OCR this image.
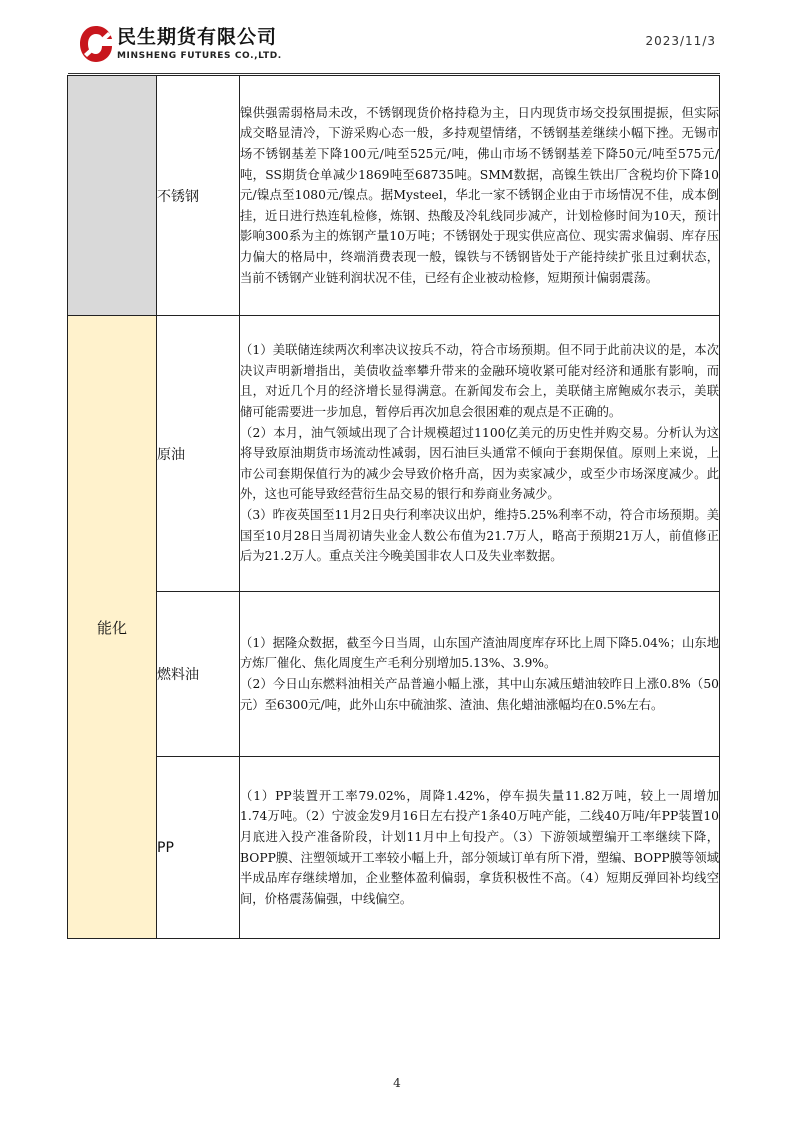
民生期货有限公司
MINSHENG FUTURES CO.,LTD.
2023/11/3
	不锈钢	镍供强需弱格局未改，不锈钢现货价格持稳为主，日内现货市场交投氛围提振，但实际成交略显清冷，下游采购心态一般，多持观望情绪，不锈钢基差继续小幅下挫。无锡市场不锈钢基差下降100元/吨至525元/吨，佛山市场不锈钢基差下降50元/吨至575元/吨，SS期货仓单减少1869吨至68735吨。SMM数据，高镍生铁出厂含税均价下降10元/镍点至1080元/镍点。据Mysteel，华北一家不锈钢企业由于市场情况不佳，成本倒挂，近日进行热连轧检修，炼钢、热酸及冷轧线同步减产，计划检修时间为10天，预计影响300系为主的炼钢产量10万吨；不锈钢处于现实供应高位、现实需求偏弱、库存压力偏大的格局中，终端消费表现一般，镍铁与不锈钢皆处于产能持续扩张且过剩状态，当前不锈钢产业链利润状况不佳，已经有企业被动检修，短期预计偏弱震荡。

能化	原油	（1）美联储连续两次利率决议按兵不动，符合市场预期。但不同于此前决议的是，本次决议声明新增指出，美债收益率攀升带来的金融环境收紧可能对经济和通胀有影响，而且，对近几个月的经济增长显得满意。在新闻发布会上，美联储主席鲍威尔表示，美联储可能需要进一步加息，暂停后再次加息会很困难的观点是不正确的。

（2）本月，油气领域出现了合计规模超过1100亿美元的历史性并购交易。分析认为这将导致原油期货市场流动性减弱，因石油巨头通常不倾向于套期保值。原则上来说，上市公司套期保值行为的减少会导致价格升高，因为卖家减少，或至少市场深度减少。此外，这也可能导致经营衍生品交易的银行和券商业务减少。

（3）昨夜英国至11月2日央行利率决议出炉，维持5.25%利率不动，符合市场预期。美国至10月28日当周初请失业金人数公布值为21.7万人，略高于预期21万人，前值修正后为21.2万人。重点关注今晚美国非农人口及失业率数据。

	燃料油	（1）据隆众数据，截至今日当周，山东国产渣油周度库存环比上周下降5.04%；山东地方炼厂催化、焦化周度生产毛利分别增加5.13%、3.9%。

（2）今日山东燃料油相关产品普遍小幅上涨，其中山东减压蜡油较昨日上涨0.8%（50元）至6300元/吨，此外山东中硫油浆、渣油、焦化蜡油涨幅均在0.5%左右。

	PP	（1）PP装置开工率79.02%，周降1.42%，停车损失量11.82万吨，较上一周增加1.74万吨。（2）宁波金发9月16日左右投产1条40万吨产能，二线40万吨/年PP装置10月底进入投产准备阶段，计划11月中上旬投产。（3）下游领域塑编开工率继续下降，BOPP膜、注塑领域开工率较小幅上升，部分领域订单有所下滑，塑编、BOPP膜等领域半成品库存继续增加，企业整体盈利偏弱，拿货积极性不高。（4）短期反弹回补均线空间，价格震荡偏强，中线偏空。

4
